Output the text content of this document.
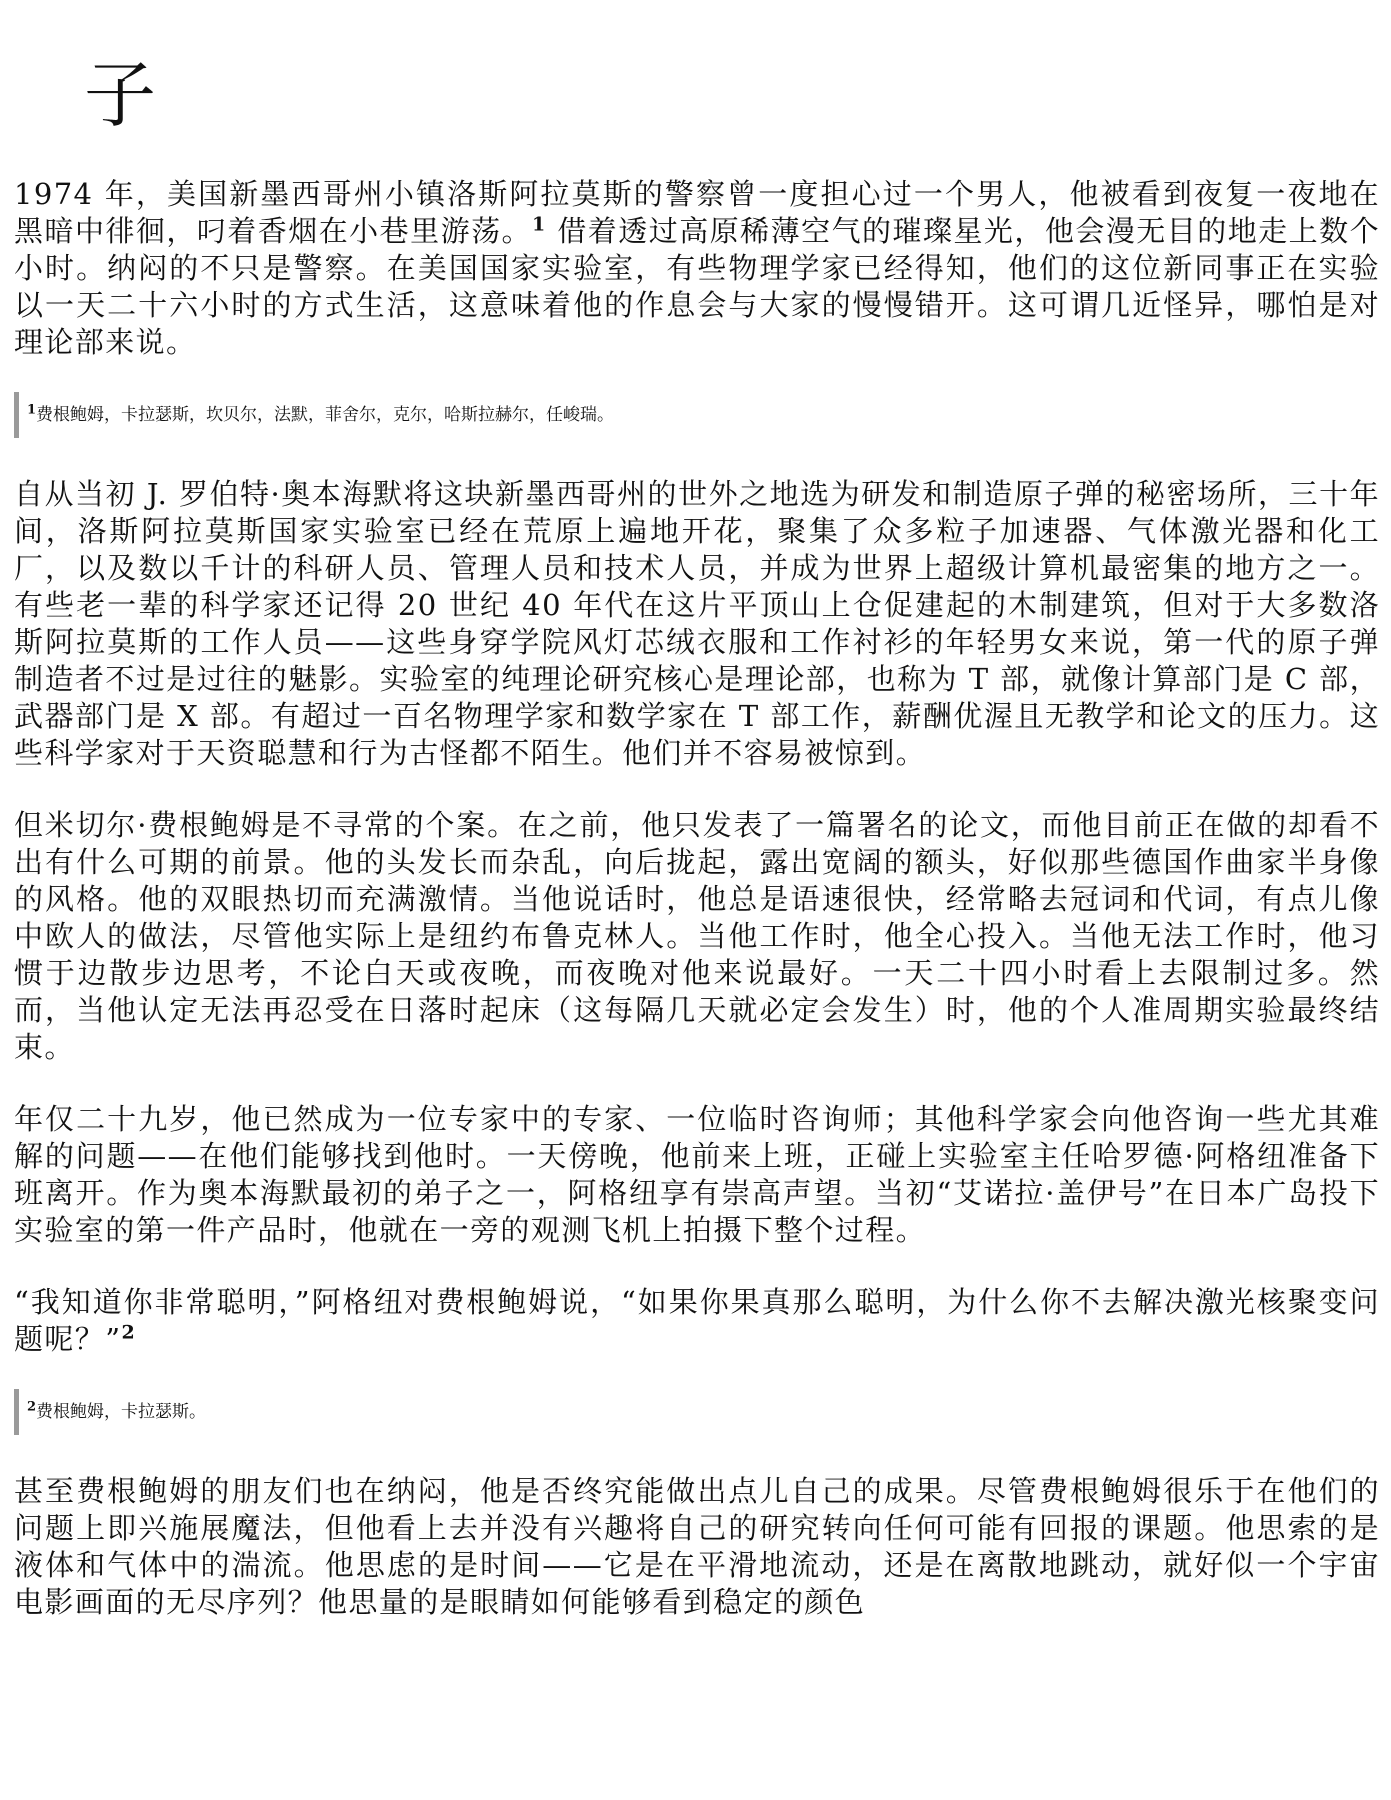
子

1974 年，美国新墨西哥州小镇洛斯阿拉莫斯的警察曾一度担心过一个男人，他被看到夜复一夜地在黑暗中徘徊，叼着香烟在小巷里游荡。$^1$ 借着透过高原稀薄空气的璀璨星光，他会漫无目的地走上数个小时。纳闷的不只是警察。在美国国家实验室，有些物理学家已经得知，他们的这位新同事正在实验以一天二十六小时的方式生活，这意味着他的作息会与大家的慢慢错开。这可谓几近怪异，哪怕是对理论部来说。

$^1$费根鲍姆，卡拉瑟斯，坎贝尔，法默，菲舍尔，克尔，哈斯拉赫尔，任峻瑞。

自从当初 J. 罗伯特·奥本海默将这块新墨西哥州的世外之地选为研发和制造原子弹的秘密场所，三十年间，洛斯阿拉莫斯国家实验室已经在荒原上遍地开花，聚集了众多粒子加速器、气体激光器和化工厂，以及数以千计的科研人员、管理人员和技术人员，并成为世界上超级计算机最密集的地方之一。有些老一辈的科学家还记得 20 世纪 40 年代在这片平顶山上仓促建起的木制建筑，但对于大多数洛斯阿拉莫斯的工作人员——这些身穿学院风灯芯绒衣服和工作衬衫的年轻男女来说，第一代的原子弹制造者不过是过往的魅影。实验室的纯理论研究核心是理论部，也称为 T 部，就像计算部门是 C 部，武器部门是 X 部。有超过一百名物理学家和数学家在 T 部工作，薪酬优渥且无教学和论文的压力。这些科学家对于天资聪慧和行为古怪都不陌生。他们并不容易被惊到。

但米切尔·费根鲍姆是不寻常的个案。在之前，他只发表了一篇署名的论文，而他目前正在做的却看不出有什么可期的前景。他的头发长而杂乱，向后拢起，露出宽阔的额头，好似那些德国作曲家半身像的风格。他的双眼热切而充满激情。当他说话时，他总是语速很快，经常略去冠词和代词，有点儿像中欧人的做法，尽管他实际上是纽约布鲁克林人。当他工作时，他全心投入。当他无法工作时，他习惯于边散步边思考，不论白天或夜晚，而夜晚对他来说最好。一天二十四小时看上去限制过多。然而，当他认定无法再忍受在日落时起床（这每隔几天就必定会发生）时，他的个人准周期实验最终结束。

年仅二十九岁，他已然成为一位专家中的专家、一位临时咨询师；其他科学家会向他咨询一些尤其难解的问题——在他们能够找到他时。一天傍晚，他前来上班，正碰上实验室主任哈罗德·阿格纽准备下班离开。作为奥本海默最初的弟子之一，阿格纽享有崇高声望。当初“艾诺拉·盖伊号”在日本广岛投下实验室的第一件产品时，他就在一旁的观测飞机上拍摄下整个过程。

“我知道你非常聪明，”阿格纽对费根鲍姆说，“如果你果真那么聪明，为什么你不去解决激光核聚变问题呢？”$^2$

$^2$费根鲍姆，卡拉瑟斯。

甚至费根鲍姆的朋友们也在纳闷，他是否终究能做出点儿自己的成果。尽管费根鲍姆很乐于在他们的问题上即兴施展魔法，但他看上去并没有兴趣将自己的研究转向任何可能有回报的课题。他思索的是液体和气体中的湍流。他思虑的是时间——它是在平滑地流动，还是在离散地跳动，就好似一个宇宙电影画面的无尽序列？他思量的是眼睛如何能够看到稳定的颜色
